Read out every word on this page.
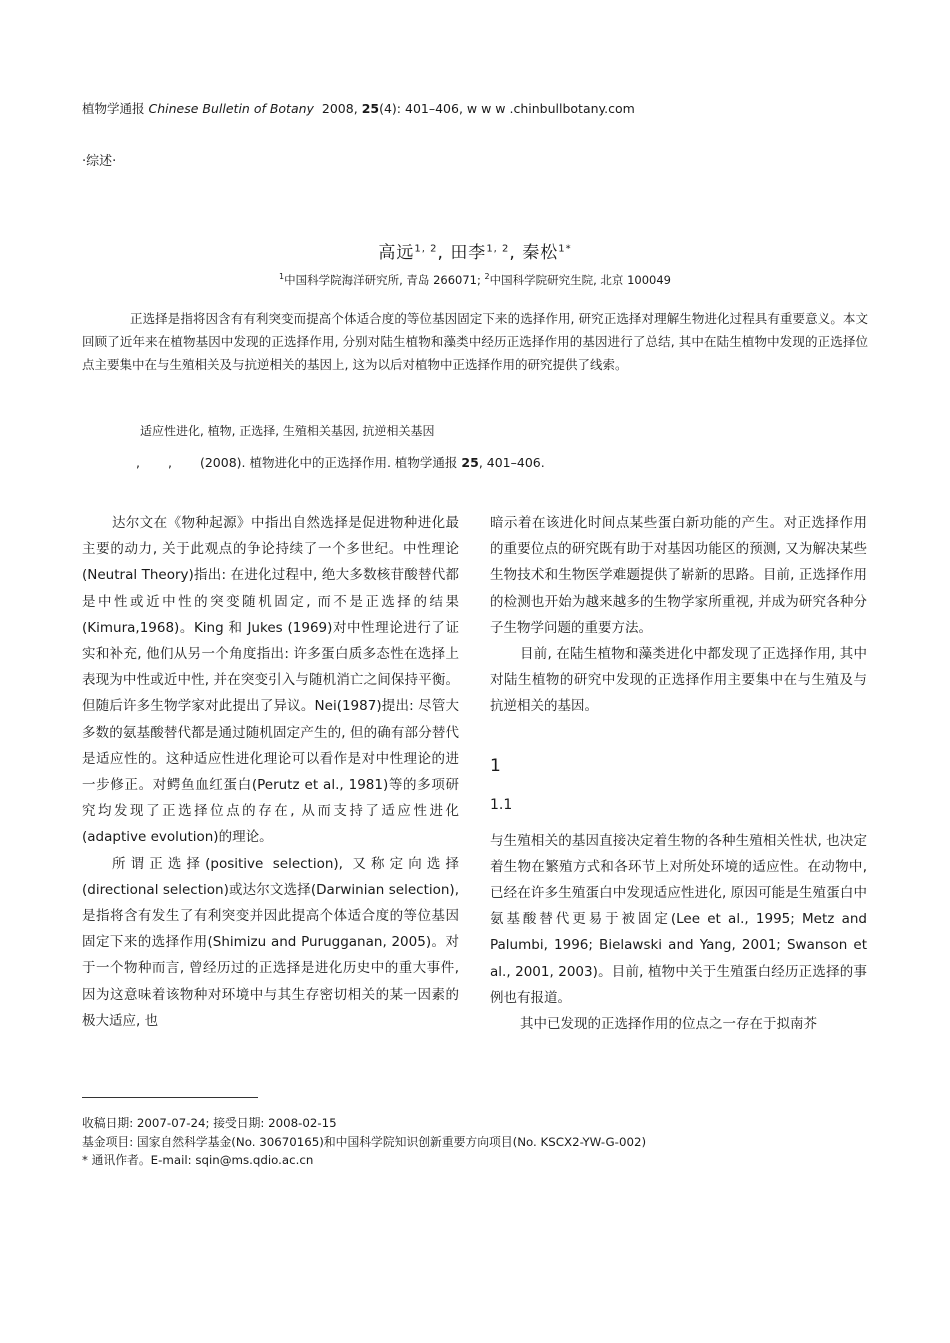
植物学通报 Chinese Bulletin of Botany 2008, 25(4): 401–406, w w w .chinbullbotany.com
·综述·
高远$^{1, 2}$, 田李$^{1, 2}$, 秦松$^{1*}$
$^1$中国科学院海洋研究所, 青岛 266071; $^2$中国科学院研究生院, 北京 100049
正选择是指将因含有有利突变而提高个体适合度的等位基因固定下来的选择作用, 研究正选择对理解生物进化过程具有重要意义。本文回顾了近年来在植物基因中发现的正选择作用, 分别对陆生植物和藻类中经历正选择作用的基因进行了总结, 其中在陆生植物中发现的正选择位点主要集中在与生殖相关及与抗逆相关的基因上, 这为以后对植物中正选择作用的研究提供了线索。
适应性进化, 植物, 正选择, 生殖相关基因, 抗逆相关基因
, , (2008). 植物进化中的正选择作用. 植物学通报 25, 401–406.

达尔文在《物种起源》中指出自然选择是促进物种进化最主要的动力, 关于此观点的争论持续了一个多世纪。中性理论(Neutral Theory)指出: 在进化过程中, 绝大多数核苷酸替代都是中性或近中性的突变随机固定, 而不是正选择的结果(Kimura,1968)。King 和 Jukes (1969)对中性理论进行了证实和补充, 他们从另一个角度指出: 许多蛋白质多态性在选择上表现为中性或近中性, 并在突变引入与随机消亡之间保持平衡。但随后许多生物学家对此提出了异议。Nei(1987)提出: 尽管大多数的氨基酸替代都是通过随机固定产生的, 但的确有部分替代是适应性的。这种适应性进化理论可以看作是对中性理论的进一步修正。对鳄鱼血红蛋白(Perutz et al., 1981)等的多项研究均发现了正选择位点的存在, 从而支持了适应性进化(adaptive evolution)的理论。

所谓正选择(positive selection), 又称定向选择(directional selection)或达尔文选择(Darwinian selection), 是指将含有发生了有利突变并因此提高个体适合度的等位基因固定下来的选择作用(Shimizu and Purugganan, 2005)。对于一个物种而言, 曾经历过的正选择是进化历史中的重大事件, 因为这意味着该物种对环境中与其生存密切相关的某一因素的极大适应, 也

暗示着在该进化时间点某些蛋白新功能的产生。对正选择作用的重要位点的研究既有助于对基因功能区的预测, 又为解决某些生物技术和生物医学难题提供了崭新的思路。目前, 正选择作用的检测也开始为越来越多的生物学家所重视, 并成为研究各种分子生物学问题的重要方法。

目前, 在陆生植物和藻类进化中都发现了正选择作用, 其中对陆生植物的研究中发现的正选择作用主要集中在与生殖及与抗逆相关的基因。

1
1.1

与生殖相关的基因直接决定着生物的各种生殖相关性状, 也决定着生物在繁殖方式和各环节上对所处环境的适应性。在动物中, 已经在许多生殖蛋白中发现适应性进化, 原因可能是生殖蛋白中氨基酸替代更易于被固定(Lee et al., 1995; Metz and Palumbi, 1996; Bielawski and Yang, 2001; Swanson et al., 2001, 2003)。目前, 植物中关于生殖蛋白经历正选择的事例也有报道。

其中已发现的正选择作用的位点之一存在于拟南芥

收稿日期: 2007-07-24; 接受日期: 2008-02-15
基金项目: 国家自然科学基金(No. 30670165)和中国科学院知识创新重要方向项目(No. KSCX2-YW-G-002)
* 通讯作者。E-mail: sqin@ms.qdio.ac.cn
